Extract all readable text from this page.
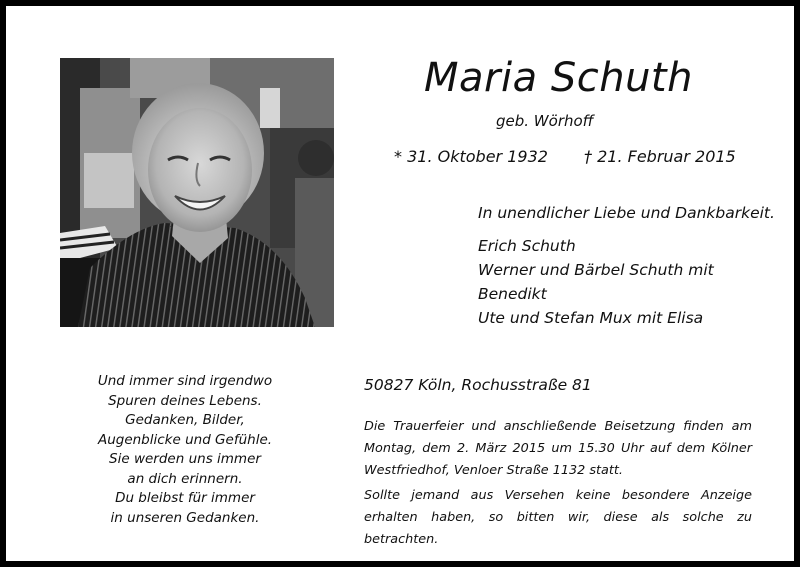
Maria Schuth
geb. Wörhoff
* 31. Oktober 1932 † 21. Februar 2015
In unendlicher Liebe und Dankbarkeit.
Erich Schuth
Werner und Bärbel Schuth mit
Benedikt
Ute und Stefan Mux mit Elisa
Und immer sind irgendwo
Spuren deines Lebens.
Gedanken, Bilder,
Augenblicke und Gefühle.
Sie werden uns immer
an dich erinnern.
Du bleibst für immer
in unseren Gedanken.
50827 Köln, Rochusstraße 81

Die Trauerfeier und anschließende Beisetzung finden am Montag, dem 2. März 2015 um 15.30 Uhr auf dem Kölner Westfriedhof, Venloer Straße 1132 statt.

Sollte jemand aus Versehen keine besondere Anzeige erhalten haben, so bitten wir, diese als solche zu betrachten.
